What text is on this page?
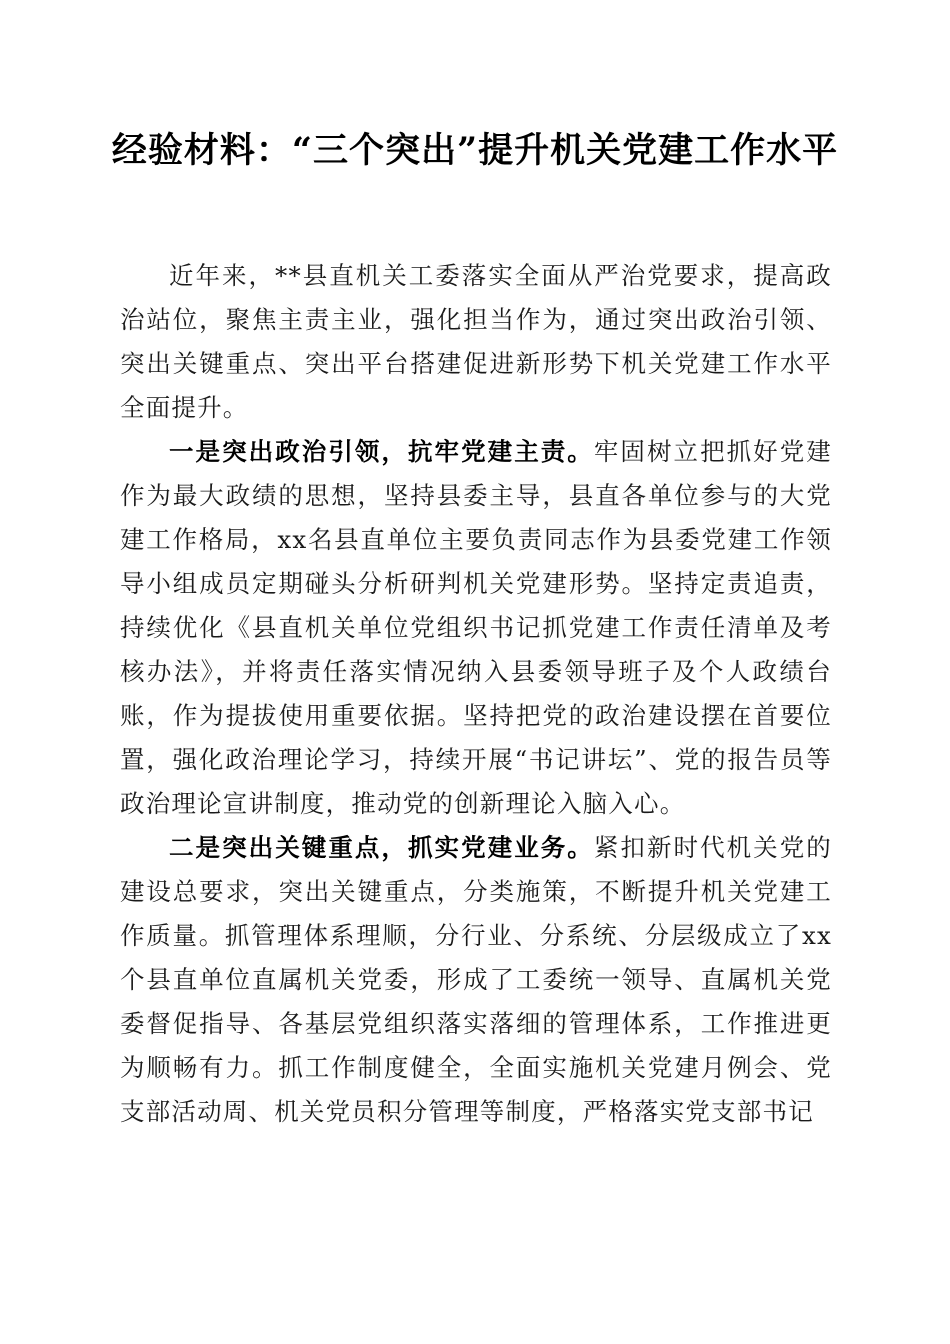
经验材料：“三个突出”提升机关党建工作水平

近年来，**县直机关工委落实全面从严治党要求，提高政治站位，聚焦主责主业，强化担当作为，通过突出政治引领、突出关键重点、突出平台搭建促进新形势下机关党建工作水平全面提升。

一是突出政治引领，抗牢党建主责。牢固树立把抓好党建作为最大政绩的思想，坚持县委主导，县直各单位参与的大党建工作格局，xx名县直单位主要负责同志作为县委党建工作领导小组成员定期碰头分析研判机关党建形势。坚持定责追责，持续优化《县直机关单位党组织书记抓党建工作责任清单及考核办法》，并将责任落实情况纳入县委领导班子及个人政绩台账，作为提拔使用重要依据。坚持把党的政治建设摆在首要位置，强化政治理论学习，持续开展“书记讲坛”、党的报告员等政治理论宣讲制度，推动党的创新理论入脑入心。

二是突出关键重点，抓实党建业务。紧扣新时代机关党的建设总要求，突出关键重点，分类施策，不断提升机关党建工作质量。抓管理体系理顺，分行业、分系统、分层级成立了xx个县直单位直属机关党委，形成了工委统一领导、直属机关党委督促指导、各基层党组织落实落细的管理体系，工作推进更为顺畅有力。抓工作制度健全，全面实施机关党建月例会、党支部活动周、机关党员积分管理等制度，严格落实党支部书记
